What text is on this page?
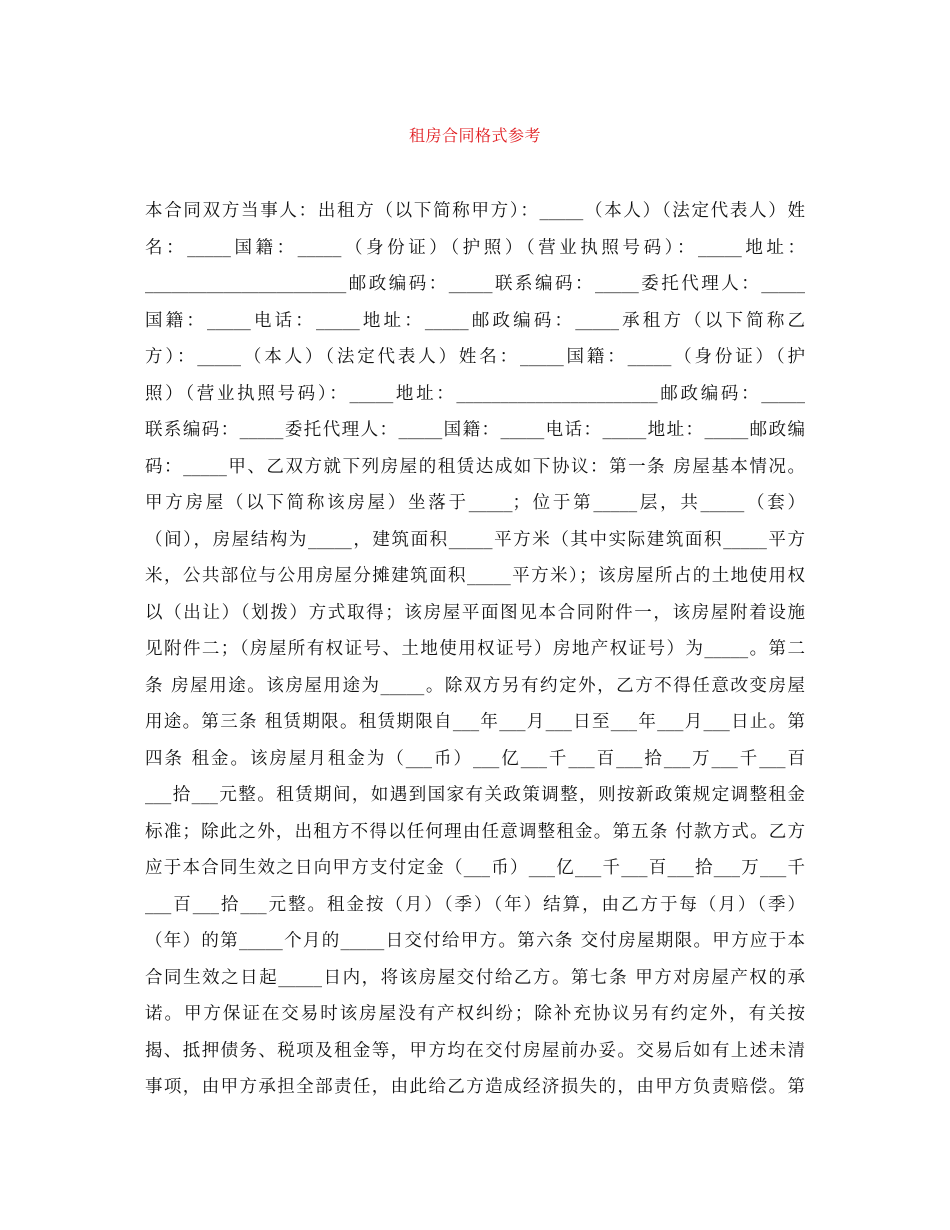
租房合同格式参考
本合同双方当事人：出租方（以下简称甲方）：_____（本人）（法定代表人）姓
名：_____国籍：_____（身份证）（护照）（营业执照号码）：_____地址：
_______________________邮政编码：_____联系编码：_____委托代理人：_____
国籍：_____电话：_____地址：_____邮政编码：_____承租方（以下简称乙
方）：_____（本人）（法定代表人）姓名：_____国籍：_____（身份证）（护
照）（营业执照号码）：_____地址：_______________________邮政编码：_____
联系编码：_____委托代理人：_____国籍：_____电话：_____地址：_____邮政编
码：_____甲、乙双方就下列房屋的租赁达成如下协议：第一条 房屋基本情况。
甲方房屋（以下简称该房屋）坐落于_____；位于第_____层，共_____（套）
（间），房屋结构为_____，建筑面积_____平方米（其中实际建筑面积_____平方
米，公共部位与公用房屋分摊建筑面积_____平方米）；该房屋所占的土地使用权
以（出让）（划拨）方式取得；该房屋平面图见本合同附件一，该房屋附着设施
见附件二；（房屋所有权证号、土地使用权证号）房地产权证号）为_____。第二
条 房屋用途。该房屋用途为_____。除双方另有约定外，乙方不得任意改变房屋
用途。第三条 租赁期限。租赁期限自___年___月___日至___年___月___日止。第
四条 租金。该房屋月租金为（___币）___亿___千___百___拾___万___千___百
___拾___元整。租赁期间，如遇到国家有关政策调整，则按新政策规定调整租金
标准；除此之外，出租方不得以任何理由任意调整租金。第五条 付款方式。乙方
应于本合同生效之日向甲方支付定金（___币）___亿___千___百___拾___万___千
___百___拾___元整。租金按（月）（季）（年）结算，由乙方于每（月）（季）
（年）的第_____个月的_____日交付给甲方。第六条 交付房屋期限。甲方应于本
合同生效之日起_____日内，将该房屋交付给乙方。第七条 甲方对房屋产权的承
诺。甲方保证在交易时该房屋没有产权纠纷；除补充协议另有约定外，有关按
揭、抵押债务、税项及租金等，甲方均在交付房屋前办妥。交易后如有上述未清
事项，由甲方承担全部责任，由此给乙方造成经济损失的，由甲方负责赔偿。第
